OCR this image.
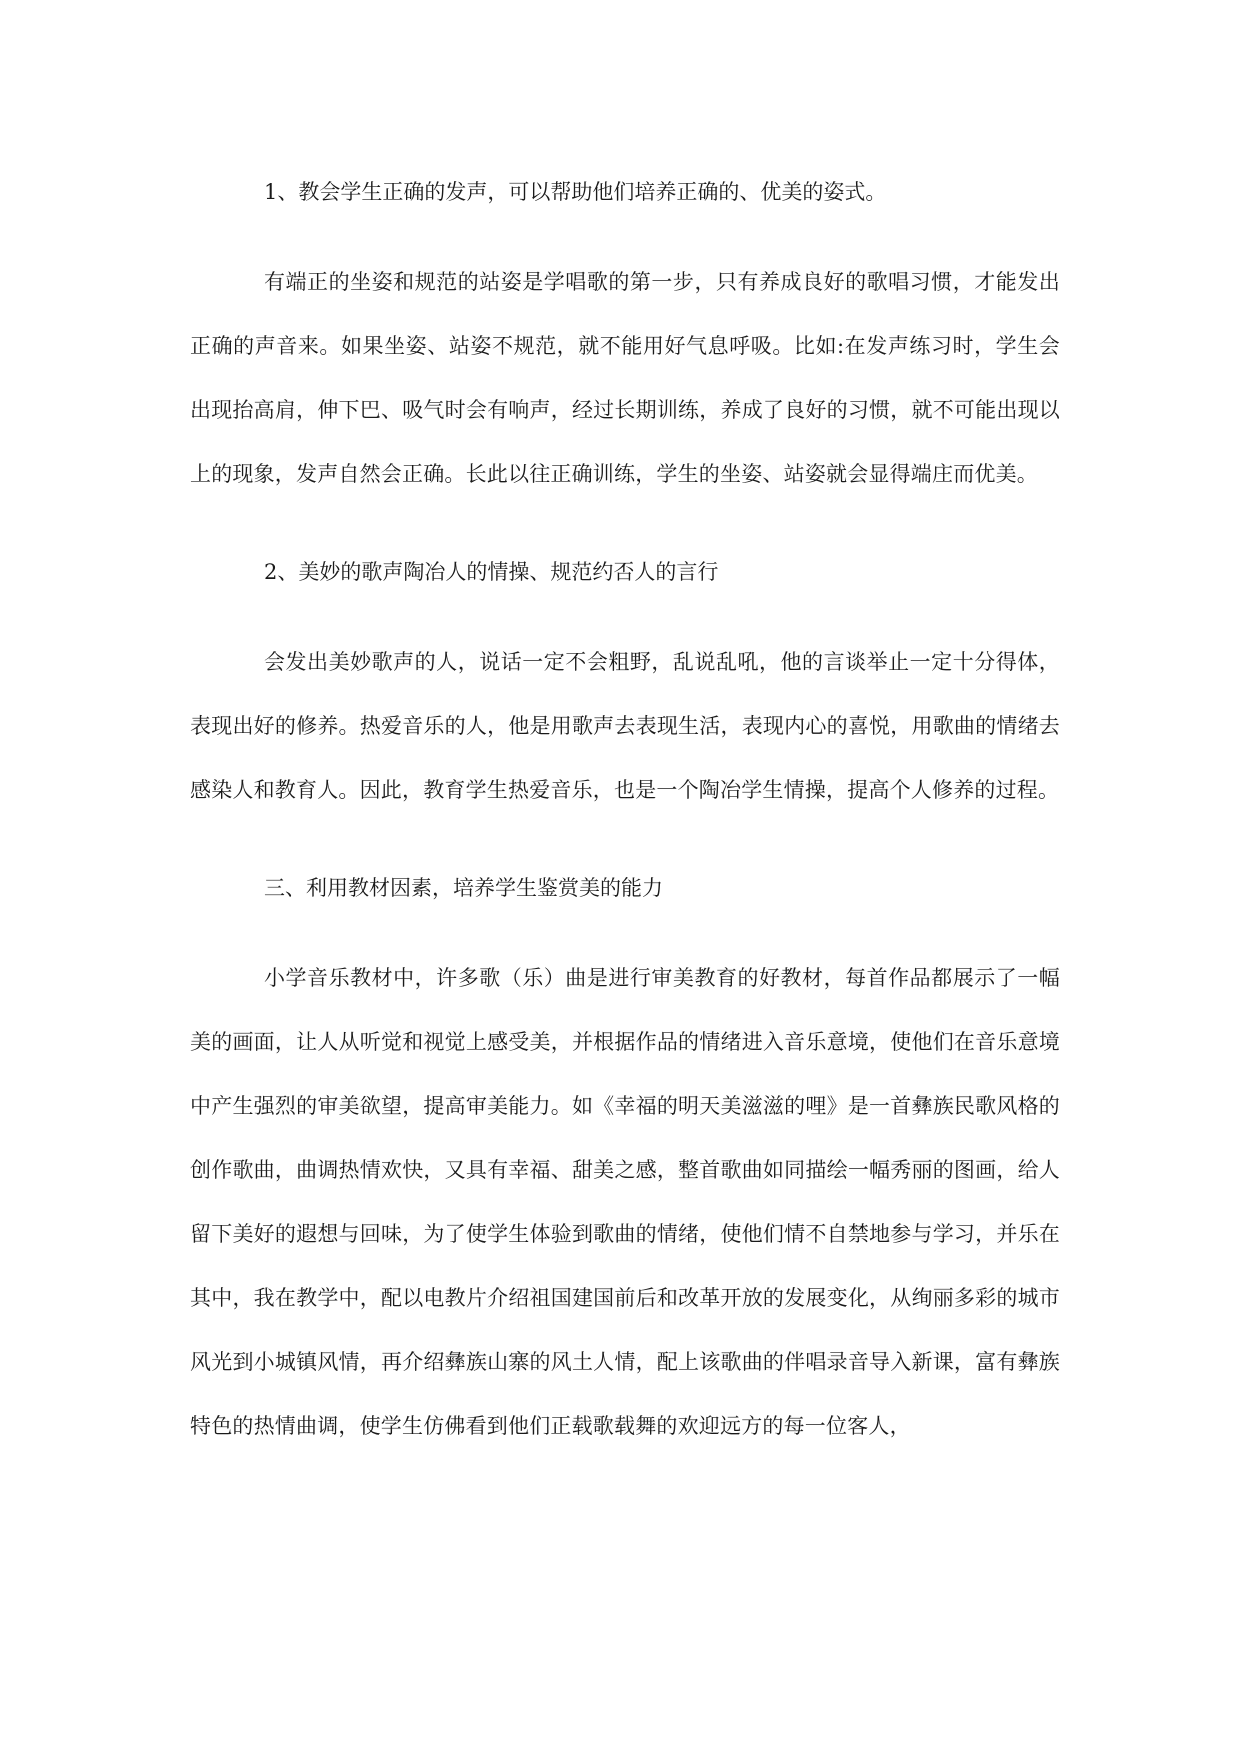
1、教会学生正确的发声，可以帮助他们培养正确的、优美的姿式。

有端正的坐姿和规范的站姿是学唱歌的第一步，只有养成良好的歌唱习惯，才能发出正确的声音来。如果坐姿、站姿不规范，就不能用好气息呼吸。比如:在发声练习时，学生会出现抬高肩，伸下巴、吸气时会有响声，经过长期训练，养成了良好的习惯，就不可能出现以上的现象，发声自然会正确。长此以往正确训练，学生的坐姿、站姿就会显得端庄而优美。

2、美妙的歌声陶冶人的情操、规范约否人的言行

会发出美妙歌声的人，说话一定不会粗野，乱说乱吼，他的言谈举止一定十分得体，表现出好的修养。热爱音乐的人，他是用歌声去表现生活，表现内心的喜悦，用歌曲的情绪去感染人和教育人。因此，教育学生热爱音乐，也是一个陶冶学生情操，提高个人修养的过程。

三、利用教材因素，培养学生鉴赏美的能力

小学音乐教材中，许多歌（乐）曲是进行审美教育的好教材，每首作品都展示了一幅美的画面，让人从听觉和视觉上感受美，并根据作品的情绪进入音乐意境，使他们在音乐意境中产生强烈的审美欲望，提高审美能力。如《幸福的明天美滋滋的哩》是一首彝族民歌风格的创作歌曲，曲调热情欢快，又具有幸福、甜美之感，整首歌曲如同描绘一幅秀丽的图画，给人留下美好的遐想与回味，为了使学生体验到歌曲的情绪，使他们情不自禁地参与学习，并乐在其中，我在教学中，配以电教片介绍祖国建国前后和改革开放的发展变化，从绚丽多彩的城市风光到小城镇风情，再介绍彝族山寨的风土人情，配上该歌曲的伴唱录音导入新课，富有彝族特色的热情曲调，使学生仿佛看到他们正载歌载舞的欢迎远方的每一位客人，
